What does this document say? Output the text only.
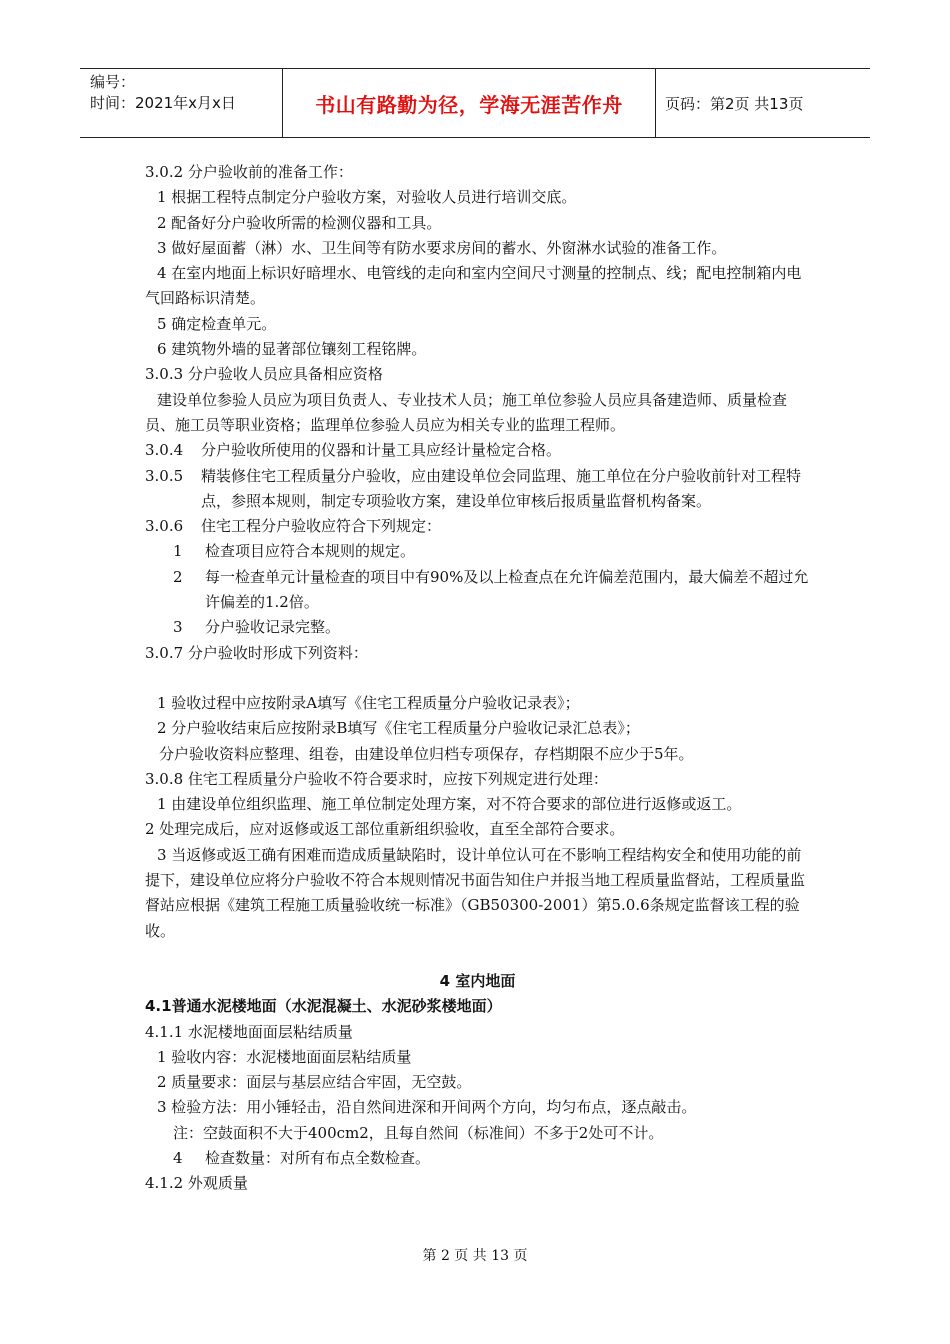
编号：
时间：2021年x月x日	书山有路勤为径，学海无涯苦作舟	页码：第2页 共13页

3.0.2 分户验收前的准备工作：

1 根据工程特点制定分户验收方案，对验收人员进行培训交底。

2 配备好分户验收所需的检测仪器和工具。

3 做好屋面蓄（淋）水、卫生间等有防水要求房间的蓄水、外窗淋水试验的准备工作。

4 在室内地面上标识好暗埋水、电管线的走向和室内空间尺寸测量的控制点、线；配电控制箱内电气回路标识清楚。

5 确定检查单元。

6 建筑物外墙的显著部位镶刻工程铭牌。

3.0.3 分户验收人员应具备相应资格

建设单位参验人员应为项目负责人、专业技术人员；施工单位参验人员应具备建造师、质量检查员、施工员等职业资格；监理单位参验人员应为相关专业的监理工程师。

3.0.4	分户验收所使用的仪器和计量工具应经计量检定合格。
3.0.5	精装修住宅工程质量分户验收，应由建设单位会同监理、施工单位在分户验收前针对工程特点，参照本规则，制定专项验收方案，建设单位审核后报质量监督机构备案。
3.0.6	住宅工程分户验收应符合下列规定：
1	检查项目应符合本规则的规定。
2	每一检查单元计量检查的项目中有90%及以上检查点在允许偏差范围内，最大偏差不超过允许偏差的1.2倍。
3	分户验收记录完整。

3.0.7 分户验收时形成下列资料：

1 验收过程中应按附录A填写《住宅工程质量分户验收记录表》；

2 分户验收结束后应按附录B填写《住宅工程质量分户验收记录汇总表》；

分户验收资料应整理、组卷，由建设单位归档专项保存，存档期限不应少于5年。

3.0.8 住宅工程质量分户验收不符合要求时，应按下列规定进行处理：

1 由建设单位组织监理、施工单位制定处理方案，对不符合要求的部位进行返修或返工。

2 处理完成后，应对返修或返工部位重新组织验收，直至全部符合要求。

3 当返修或返工确有困难而造成质量缺陷时，设计单位认可在不影响工程结构安全和使用功能的前提下，建设单位应将分户验收不符合本规则情况书面告知住户并报当地工程质量监督站，工程质量监督站应根据《建筑工程施工质量验收统一标准》（GB50300-2001）第5.0.6条规定监督该工程的验收。

4 室内地面

4.1普通水泥楼地面（水泥混凝土、水泥砂浆楼地面）

4.1.1 水泥楼地面面层粘结质量

1 验收内容：水泥楼地面面层粘结质量

2 质量要求：面层与基层应结合牢固，无空鼓。

3 检验方法：用小锤轻击，沿自然间进深和开间两个方向，均匀布点，逐点敲击。

注：空鼓面积不大于400cm2，且每自然间（标准间）不多于2处可不计。

4	检查数量：对所有布点全数检查。

4.1.2 外观质量

第 2 页 共 13 页
